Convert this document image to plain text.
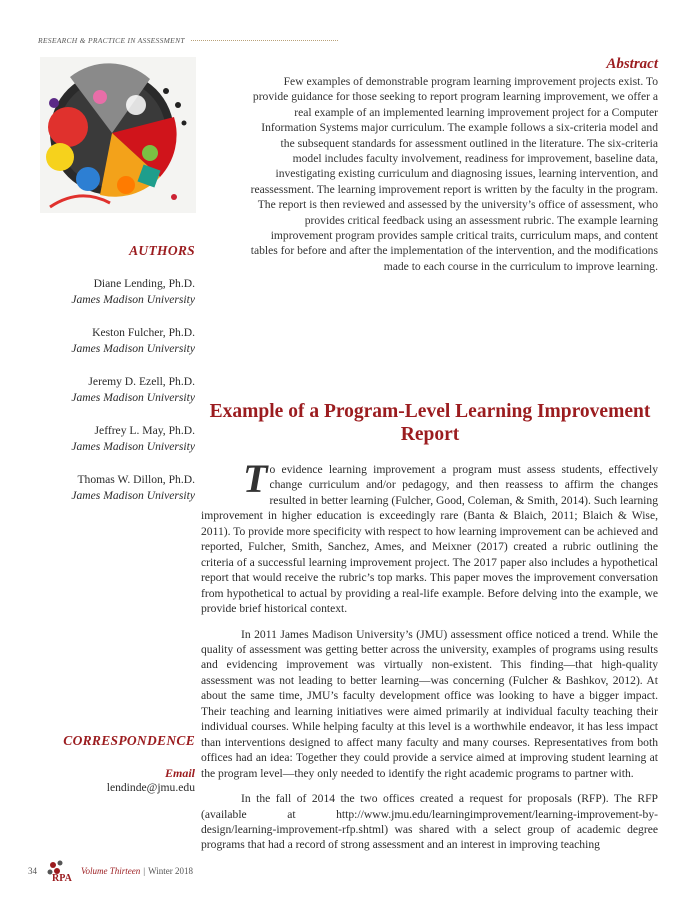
RESEARCH & PRACTICE IN ASSESSMENT
Abstract
Few examples of demonstrable program learning improvement projects exist. To provide guidance for those seeking to report program learning improvement, we offer a real example of an implemented learning improvement project for a Computer Information Systems major curriculum. The example follows a six-criteria model and the subsequent standards for assessment outlined in the literature. The six-criteria model includes faculty involvement, readiness for improvement, baseline data, investigating existing curriculum and diagnosing issues, learning intervention, and reassessment. The learning improvement report is written by the faculty in the program. The report is then reviewed and assessed by the university’s office of assessment, who provides critical feedback using an assessment rubric. The example learning improvement program provides sample critical traits, curriculum maps, and content tables for before and after the implementation of the intervention, and the modifications made to each course in the curriculum to improve learning.
AUTHORS
Diane Lending, Ph.D.
James Madison University
Keston Fulcher, Ph.D.
James Madison University
Jeremy D. Ezell, Ph.D.
James Madison University
Jeffrey L. May, Ph.D.
James Madison University
Thomas W. Dillon, Ph.D.
James Madison University
CORRESPONDENCE
Email
lendinde@jmu.edu
Example of a Program-Level Learning Improvement Report

To evidence learning improvement a program must assess students, effectively change curriculum and/or pedagogy, and then reassess to affirm the changes resulted in better learning (Fulcher, Good, Coleman, & Smith, 2014). Such learning improvement in higher education is exceedingly rare (Banta & Blaich, 2011; Blaich & Wise, 2011). To provide more specificity with respect to how learning improvement can be achieved and reported, Fulcher, Smith, Sanchez, Ames, and Meixner (2017) created a rubric outlining the criteria of a successful learning improvement project. The 2017 paper also includes a hypothetical report that would receive the rubric’s top marks. This paper moves the improvement conversation from hypothetical to actual by providing a real-life example. Before delving into the example, we provide brief historical context.

In 2011 James Madison University’s (JMU) assessment office noticed a trend. While the quality of assessment was getting better across the university, examples of programs using results and evidencing improvement was virtually non-existent. This finding—that high-quality assessment was not leading to better learning—was concerning (Fulcher & Bashkov, 2012). At about the same time, JMU’s faculty development office was looking to have a bigger impact. Their teaching and learning initiatives were aimed primarily at individual faculty teaching their individual courses. While helping faculty at this level is a worthwhile endeavor, it has less impact than interventions designed to affect many faculty and many courses. Representatives from both offices had an idea: Together they could provide a service aimed at improving student learning at the program level—they only needed to identify the right academic programs to partner with.

In the fall of 2014 the two offices created a request for proposals (RFP). The RFP (available at http://www.jmu.edu/learningimprovement/learning-improvement-by-design/learning-improvement-rfp.shtml) was shared with a select group of academic degree programs that had a record of strong assessment and an interest in improving teaching

34
RPA
Volume Thirteen | Winter 2018
